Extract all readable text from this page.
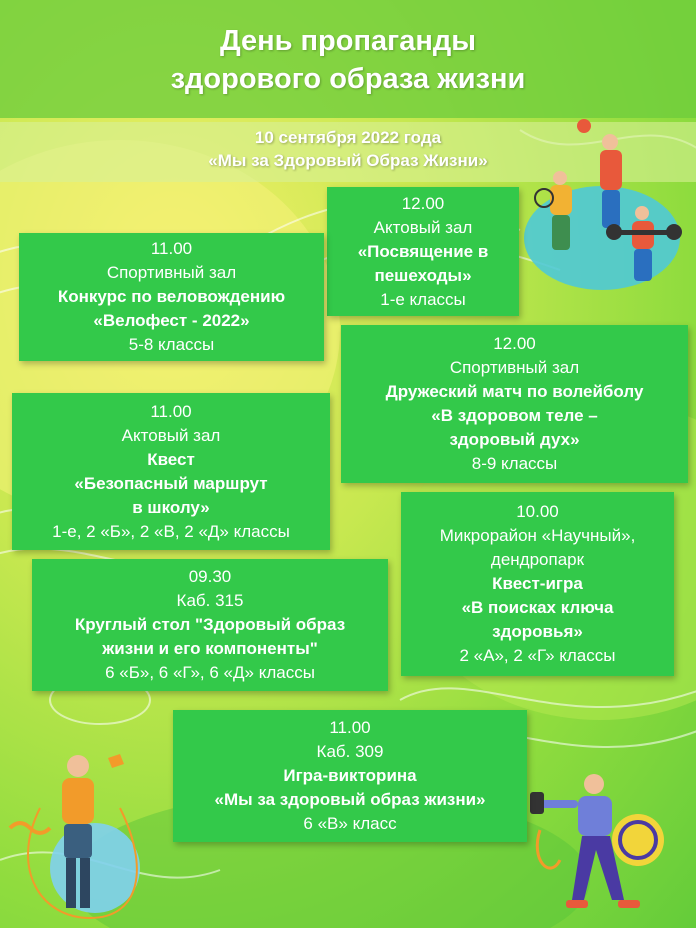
День пропаганды
здорового образа жизни
10 сентября 2022 года
«Мы за Здоровый Образ Жизни»
12.00
Актовый зал
«Посвящение в
пешеходы»
1-е классы
11.00
Спортивный зал
Конкурс по веловождению
«Велофест - 2022»
5-8 классы	12.00
Спортивный зал
Дружеский матч по волейболу
«В здоровом теле –
здоровый дух»
8-9 классы
11.00
Актовый зал
Квест
«Безопасный маршрут
в школу»
1-е, 2 «Б», 2 «В, 2 «Д» классы
10.00
Микрорайон «Научный»,
дендропарк
Квест-игра
«В поисках ключа
здоровья»
2 «А», 2 «Г» классы
09.30
Каб. 315
Круглый стол "Здоровый образ
жизни и его компоненты"
6 «Б», 6 «Г», 6 «Д» классы
11.00
Каб. 309
Игра-викторина
«Мы за здоровый образ жизни»
6 «В» класс
